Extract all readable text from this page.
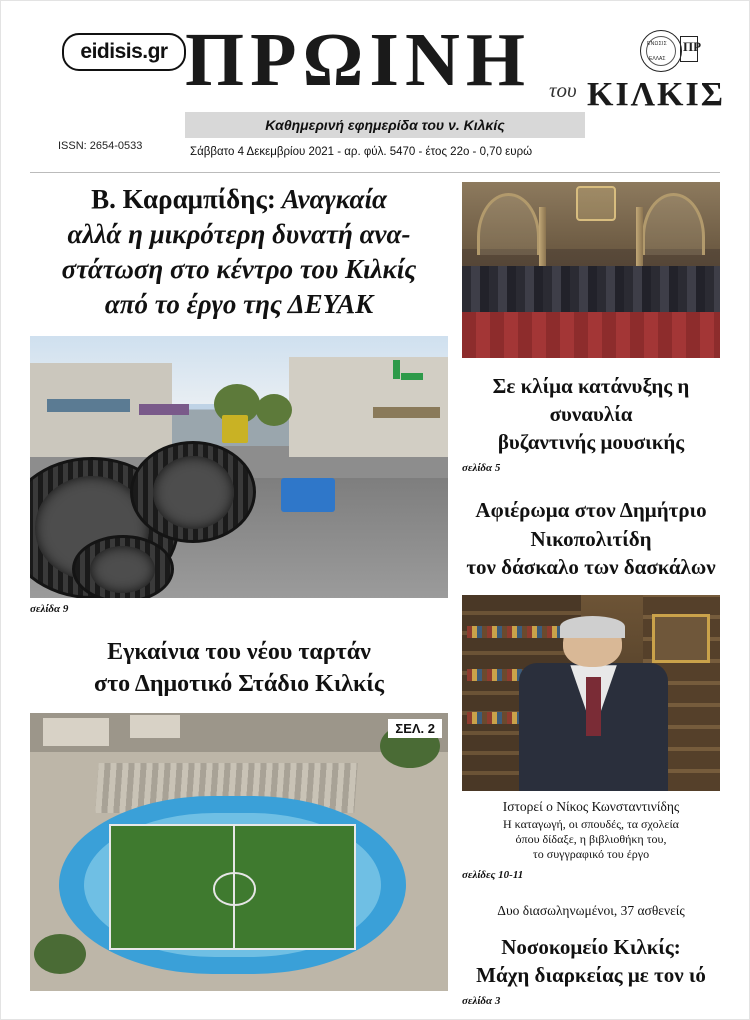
eidisis.gr ΠΡΩΙΝΗ του ΚΙΛΚΙΣ
ΕΝΩΣΙΣ
ΕΛΛΑΣ
ΠΡ
Καθημερινή εφημερίδα του ν. Κιλκίς
ISSN: 2654-0533	Σάββατο 4 Δεκεμβρίου 2021 - αρ. φύλ. 5470 - έτος 22ο - 0,70 ευρώ
Β. Καραμπίδης: Αναγκαία
αλλά η μικρότερη δυνατή ανα-
στάτωση στο κέντρο του Κιλκίς
από το έργο της ΔΕΥΑΚ
σελίδα 9
Εγκαίνια του νέου ταρτάν
στο Δημοτικό Στάδιο Κιλκίς
ΣΕΛ. 2
Σε κλίμα κατάνυξης η συναυλία
βυζαντινής μουσικής
σελίδα 5
Αφιέρωμα στον Δημήτριο
Νικοπολιτίδη
τον δάσκαλο των δασκάλων
Ιστορεί ο Νίκος Κωνσταντινίδης
Η καταγωγή, οι σπουδές, τα σχολεία
όπου δίδαξε, η βιβλιοθήκη του,
το συγγραφικό του έργο
σελίδες 10-11
Δυο διασωληνωμένοι, 37 ασθενείς
Νοσοκομείο Κιλκίς:
Μάχη διαρκείας με τον ιό
σελίδα 3
